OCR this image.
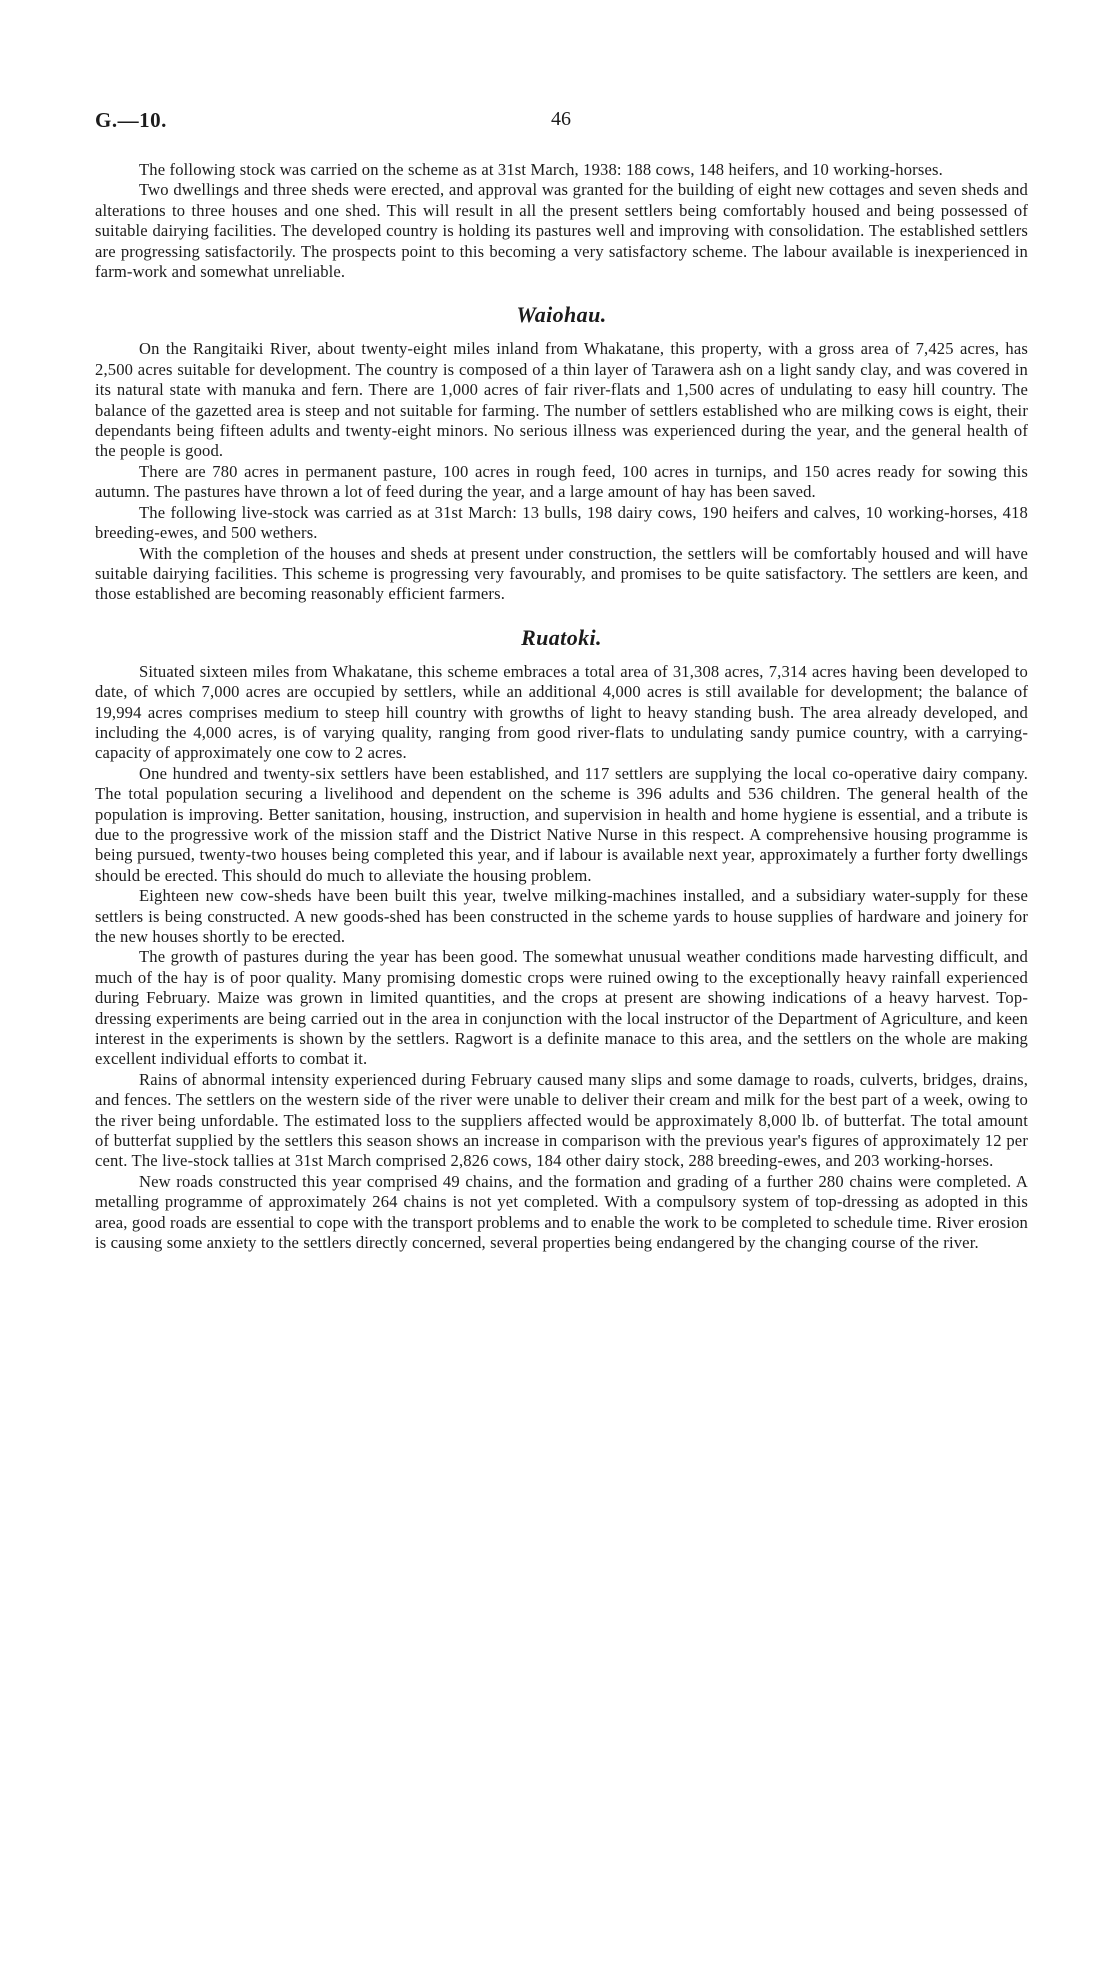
G.—10.	46

The following stock was carried on the scheme as at 31st March, 1938: 188 cows, 148 heifers, and 10 working-horses.

Two dwellings and three sheds were erected, and approval was granted for the building of eight new cottages and seven sheds and alterations to three houses and one shed. This will result in all the present settlers being comfortably housed and being possessed of suitable dairying facilities. The developed country is holding its pastures well and improving with consolidation. The established settlers are progressing satisfactorily. The prospects point to this becoming a very satisfactory scheme. The labour available is inexperienced in farm-work and somewhat unreliable.

Waiohau.

On the Rangitaiki River, about twenty-eight miles inland from Whakatane, this property, with a gross area of 7,425 acres, has 2,500 acres suitable for development. The country is composed of a thin layer of Tarawera ash on a light sandy clay, and was covered in its natural state with manuka and fern. There are 1,000 acres of fair river-flats and 1,500 acres of undulating to easy hill country. The balance of the gazetted area is steep and not suitable for farming. The number of settlers established who are milking cows is eight, their dependants being fifteen adults and twenty-eight minors. No serious illness was experienced during the year, and the general health of the people is good.

There are 780 acres in permanent pasture, 100 acres in rough feed, 100 acres in turnips, and 150 acres ready for sowing this autumn. The pastures have thrown a lot of feed during the year, and a large amount of hay has been saved.

The following live-stock was carried as at 31st March: 13 bulls, 198 dairy cows, 190 heifers and calves, 10 working-horses, 418 breeding-ewes, and 500 wethers.

With the completion of the houses and sheds at present under construction, the settlers will be comfortably housed and will have suitable dairying facilities. This scheme is progressing very favourably, and promises to be quite satisfactory. The settlers are keen, and those established are becoming reasonably efficient farmers.

Ruatoki.

Situated sixteen miles from Whakatane, this scheme embraces a total area of 31,308 acres, 7,314 acres having been developed to date, of which 7,000 acres are occupied by settlers, while an additional 4,000 acres is still available for development; the balance of 19,994 acres comprises medium to steep hill country with growths of light to heavy standing bush. The area already developed, and including the 4,000 acres, is of varying quality, ranging from good river-flats to undulating sandy pumice country, with a carrying-capacity of approximately one cow to 2 acres.

One hundred and twenty-six settlers have been established, and 117 settlers are supplying the local co-operative dairy company. The total population securing a livelihood and dependent on the scheme is 396 adults and 536 children. The general health of the population is improving. Better sanitation, housing, instruction, and supervision in health and home hygiene is essential, and a tribute is due to the progressive work of the mission staff and the District Native Nurse in this respect. A comprehensive housing programme is being pursued, twenty-two houses being completed this year, and if labour is available next year, approximately a further forty dwellings should be erected. This should do much to alleviate the housing problem.

Eighteen new cow-sheds have been built this year, twelve milking-machines installed, and a subsidiary water-supply for these settlers is being constructed. A new goods-shed has been constructed in the scheme yards to house supplies of hardware and joinery for the new houses shortly to be erected.

The growth of pastures during the year has been good. The somewhat unusual weather conditions made harvesting difficult, and much of the hay is of poor quality. Many promising domestic crops were ruined owing to the exceptionally heavy rainfall experienced during February. Maize was grown in limited quantities, and the crops at present are showing indications of a heavy harvest. Top-dressing experiments are being carried out in the area in conjunction with the local instructor of the Department of Agriculture, and keen interest in the experiments is shown by the settlers. Ragwort is a definite manace to this area, and the settlers on the whole are making excellent individual efforts to combat it.

Rains of abnormal intensity experienced during February caused many slips and some damage to roads, culverts, bridges, drains, and fences. The settlers on the western side of the river were unable to deliver their cream and milk for the best part of a week, owing to the river being unfordable. The estimated loss to the suppliers affected would be approximately 8,000 lb. of butterfat. The total amount of butterfat supplied by the settlers this season shows an increase in comparison with the previous year's figures of approximately 12 per cent. The live-stock tallies at 31st March comprised 2,826 cows, 184 other dairy stock, 288 breeding-ewes, and 203 working-horses.

New roads constructed this year comprised 49 chains, and the formation and grading of a further 280 chains were completed. A metalling programme of approximately 264 chains is not yet completed. With a compulsory system of top-dressing as adopted in this area, good roads are essential to cope with the transport problems and to enable the work to be completed to schedule time. River erosion is causing some anxiety to the settlers directly concerned, several properties being endangered by the changing course of the river.
